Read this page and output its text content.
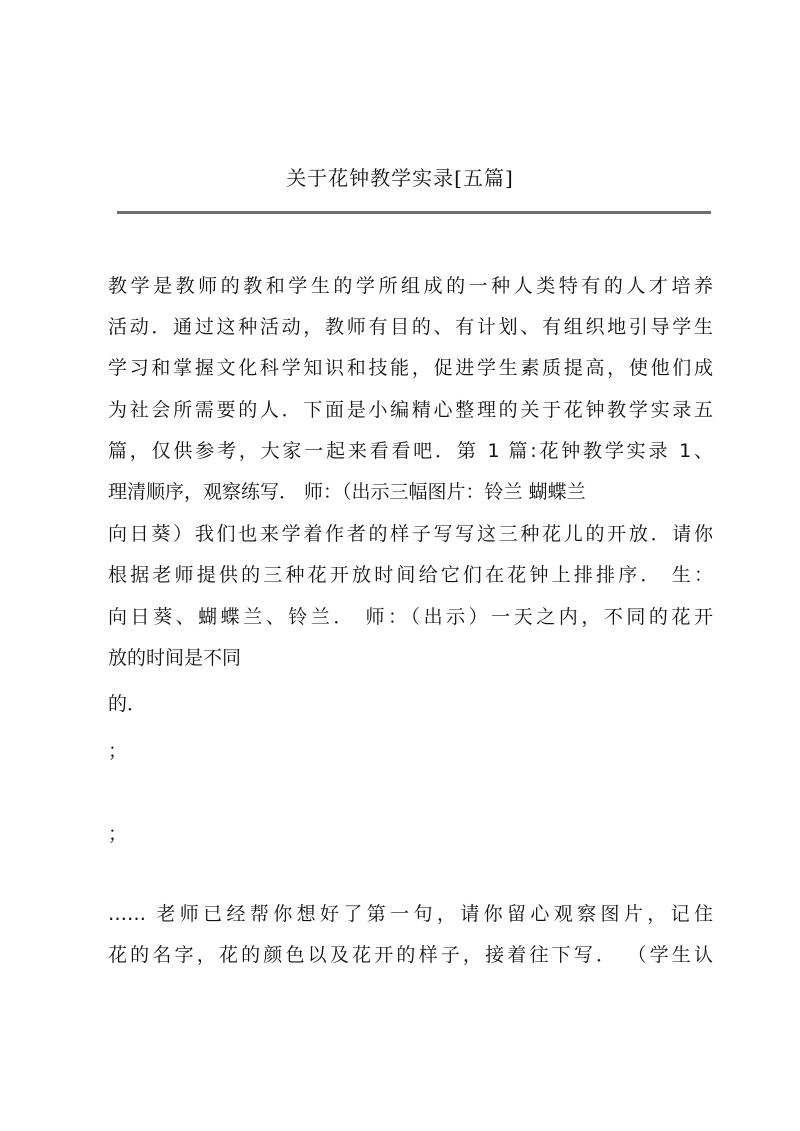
关于花钟教学实录[五篇]
教学是教师的教和学生的学所组成的一种人类特有的人才培养
活动．通过这种活动，教师有目的、有计划、有组织地引导学生
学习和掌握文化科学知识和技能，促进学生素质提高，使他们成
为社会所需要的人．下面是小编精心整理的关于花钟教学实录五
篇，仅供参考，大家一起来看看吧．第 1 篇:花钟教学实录 1、
理清顺序，观察练写． 师：（出示三幅图片：铃兰 蝴蝶兰
向日葵）我们也来学着作者的样子写写这三种花儿的开放．请你
根据老师提供的三种花开放时间给它们在花钟上排排序． 生：
向日葵、蝴蝶兰、铃兰． 师：（出示）一天之内，不同的花开
放的时间是不同
的．
；
；
…… 老师已经帮你想好了第一句，请你留心观察图片，记住
花的名字，花的颜色以及花开的样子，接着往下写． （学生认
